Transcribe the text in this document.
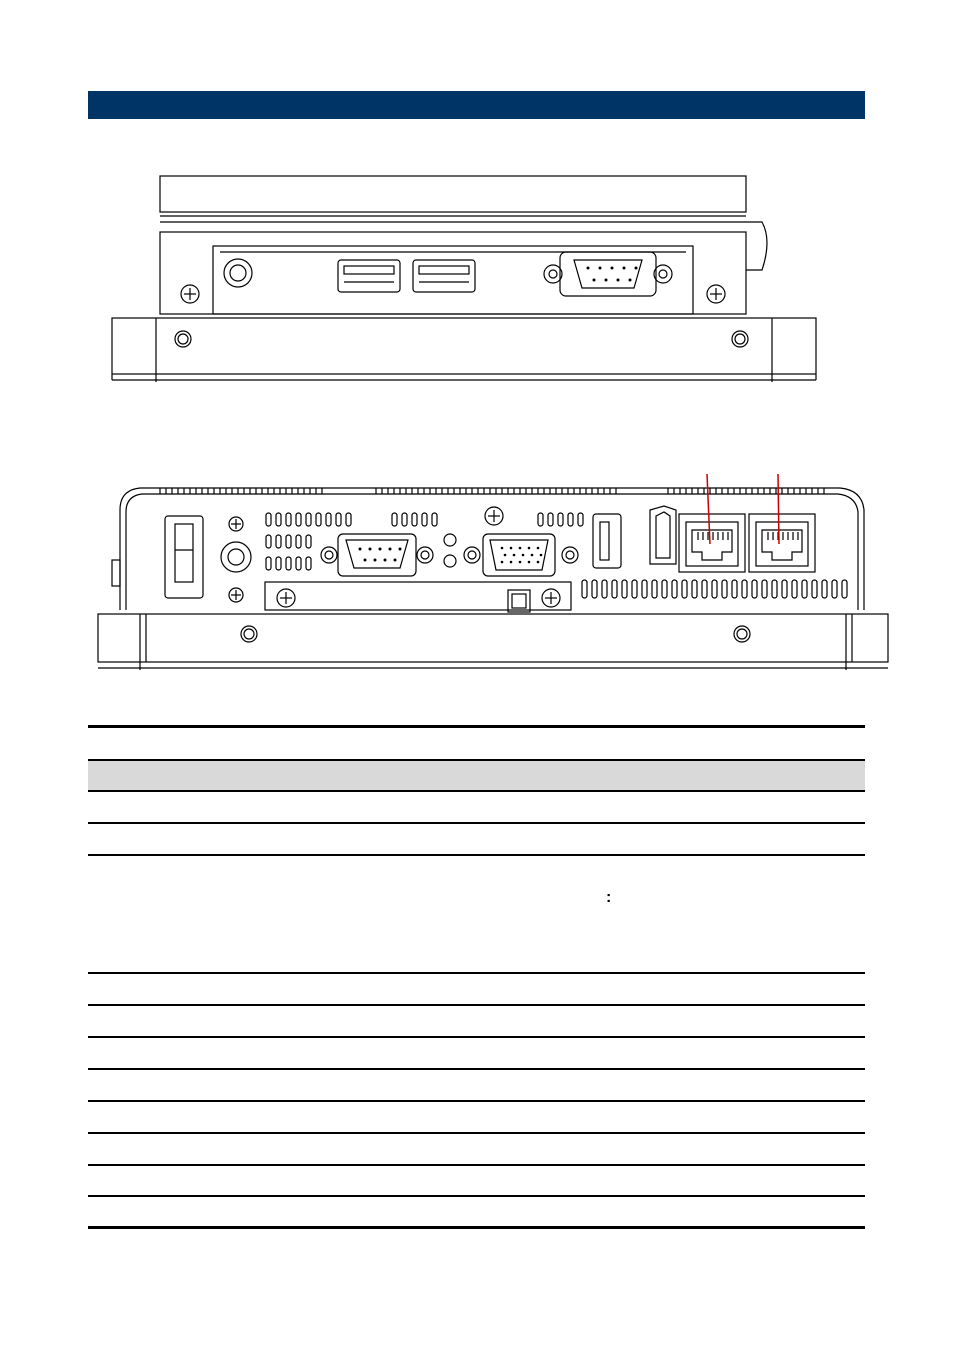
:
